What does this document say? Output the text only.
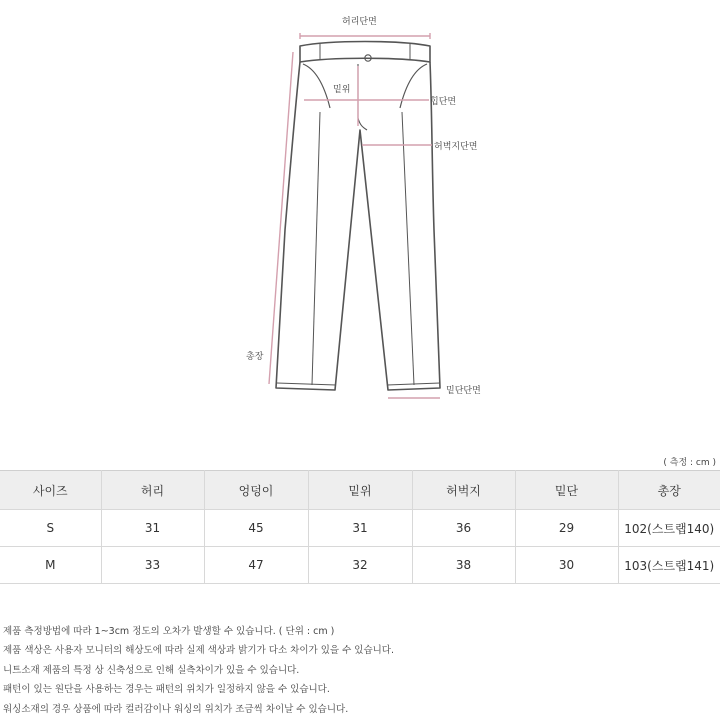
허리단면
밑위
힙단면
허벅지단면
총장
밑단단면
( 측정 : cm )
사이즈	허리	엉덩이	밑위	허벅지	밑단	총장
S	31	45	31	36	29	102(스트랩140)
M	33	47	32	38	30	103(스트랩141)
제품 측정방법에 따라 1~3cm 정도의 오차가 발생할 수 있습니다. ( 단위 : cm )
제품 색상은 사용자 모니터의 해상도에 따라 실제 색상과 밝기가 다소 차이가 있을 수 있습니다.
니트소재 제품의 특정 상 신축성으로 인해 실측차이가 있을 수 있습니다.
패턴이 있는 원단을 사용하는 경우는 패턴의 위치가 일정하지 않을 수 있습니다.
워싱소재의 경우 상품에 따라 컬러감이나 워싱의 위치가 조금씩 차이날 수 있습니다.
